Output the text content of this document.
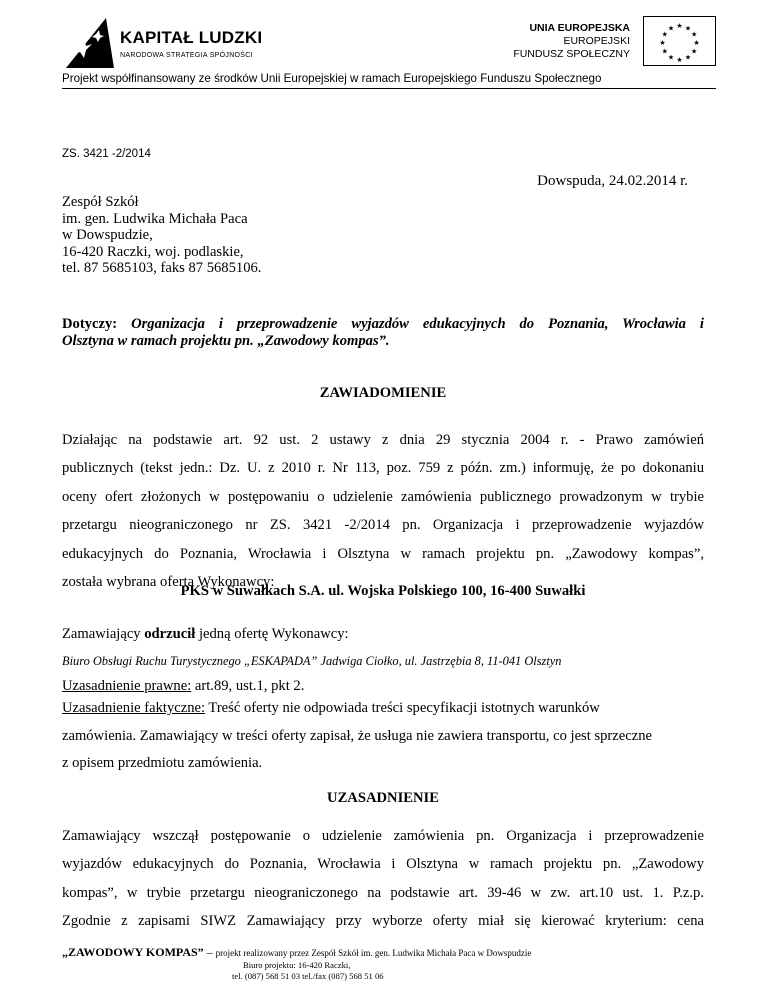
KAPITAŁ LUDZKI
NARODOWA STRATEGIA SPÓJNOŚCI
UNIA EUROPEJSKA
EUROPEJSKI
FUNDUSZ SPOŁECZNY
★ ★
★
★
★
★
★
★
★
★
★
★
Projekt współfinansowany ze środków Unii Europejskiej w ramach Europejskiego Funduszu Społecznego
ZS. 3421 -2/2014
Dowspuda, 24.02.2014 r.
Zespół Szkół
im. gen. Ludwika Michała Paca
w Dowspudzie,
16-420 Raczki, woj. podlaskie,
tel. 87 5685103, faks 87 5685106.
Dotyczy: Organizacja i przeprowadzenie wyjazdów edukacyjnych do Poznania, Wrocławia i
Olsztyna w ramach projektu pn. „Zawodowy kompas”.
ZAWIADOMIENIE
Działając na podstawie art. 92 ust. 2 ustawy z dnia 29 stycznia 2004 r. - Prawo zamówień
publicznych (tekst jedn.: Dz. U. z 2010 r. Nr 113, poz. 759 z późn. zm.) informuję, że po dokonaniu
oceny ofert złożonych w postępowaniu o udzielenie zamówienia publicznego prowadzonym w trybie
przetargu nieograniczonego nr ZS. 3421 -2/2014 pn. Organizacja i przeprowadzenie wyjazdów
edukacyjnych do Poznania, Wrocławia i Olsztyna w ramach projektu pn. „Zawodowy kompas”,
została wybrana oferta Wykonawcy:
PKS w Suwałkach S.A. ul. Wojska Polskiego 100, 16-400 Suwałki
Zamawiający odrzucił jedną ofertę Wykonawcy:
Biuro Obsługi Ruchu Turystycznego „ESKAPADA” Jadwiga Ciołko, ul. Jastrzębia 8, 11-041 Olsztyn
Uzasadnienie prawne: art.89, ust.1, pkt 2.
Uzasadnienie faktyczne: Treść oferty nie odpowiada treści specyfikacji istotnych warunków
zamówienia. Zamawiający w treści oferty zapisał, że usługa nie zawiera transportu, co jest sprzeczne
z opisem przedmiotu zamówienia.
UZASADNIENIE
Zamawiający wszczął postępowanie o udzielenie zamówienia pn. Organizacja i przeprowadzenie
wyjazdów edukacyjnych do Poznania, Wrocławia i Olsztyna w ramach projektu pn. „Zawodowy
kompas”, w trybie przetargu nieograniczonego na podstawie art. 39-46 w zw. art.10 ust. 1. P.z.p.
Zgodnie z zapisami SIWZ Zamawiający przy wyborze oferty miał się kierować kryterium: cena
„ZAWODOWY KOMPAS” – projekt realizowany przez Zespół Szkół im. gen. Ludwika Michała Paca w Dowspudzie
Biuro projektu: 16-420 Raczki,
tel. (087) 568 51 03 tel./fax (087) 568 51 06
